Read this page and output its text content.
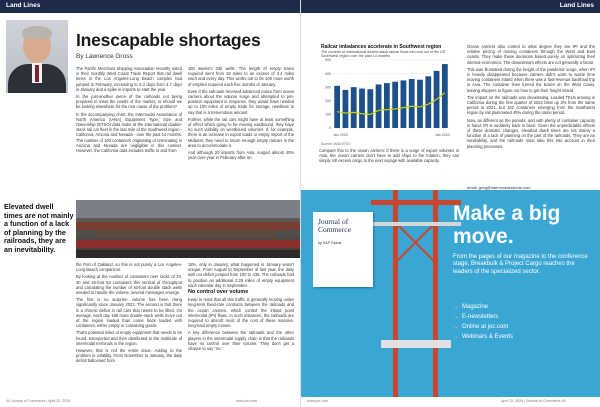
Land Lines
Inescapable shortages
By Lawrence Gross

The Pacific Merchant Shipping Association recently noted in their monthly West Coast Trade Report that rail dwell times in the Los Angeles-Long Beach complex had jumped in February, increasing to 6.3 days from 4.7 days in January and a spike in imports to start the year.

In the just-another piece of the railroads not being prepared to meet the needs of the market, or should we be looking elsewhere for the root cause of the problem?

In the accompanying chart, the Intermodal Association of North America (IANA) Equipment Type, Size and Ownership (ETSO) data looks at the international double-stack rail car fleet in the last mile of the Southwest region - California, Arizona and Nevada - over the past 14 months. The number of 100 containers originating or terminating in Arizona and Nevada are negligible in this context. However, the California data includes traffic to and from

150 weeks's 335 wells. The length of empty trains required went from 18 miles to an excess of 3.4 miles each and every day. This works out to be 100 more worth of empties required each five months of January.

Even if the railroads received advanced notice from ocean carriers about the volume surge and attempted to pre-position equipment in response, they would have needed up to 100 miles of empty trade for storage, needless to say that is a tremendous amount.

Further, while the rail cars might have at least something of effect which going to be moving eastbound, they have no such visibility on westbound volumes. If, for example, there is an increase in export loads or empty import of the Midwest, they need to return enough empty railcars in the area to accommodate it.

And although 20 imports from Asia, surged almost 40% year-over-year in February after an

Elevated dwell times are not mainly a function of a lack of planning by the railroads, they are an inevitability.

the Port of Oakland, so this is not purely a Los Angeles-Long Beach comparison.

By looking at the number of containers over racks of 20, 40 and 45-foot 53 containers this vertical of throughput and calculating the number of 40-foot double stack wells needed to handle the volume, several messages emerge.

The first is no surprise: volume has been rising significantly since January 2023. The second is that there is a chronic deficit in rail cars that needs to be filled. On average, each day 198 more double-stack wells move out of the region loaded than come back loaded with containers, either empty or containing goods.

That's potential miles of empty equipment that needs to be found, transported and then distributed to the multitude of intermodal terminals in the region.

However, that is not the entire issue. Adding to the problem is volatility. From November to January, the daily deficit ballooned from

18%, only in January, what happened in January wasn't unique. From August to September of last year, the daily well car deficit jumped from 100 to 436. The railroads had to position an additional 3.25 miles of empty equipment each calendar day in September.

No control over volume

Keep in mind that all this traffic is generally moving under long-term fixed-rate contracts between the railroads and the ocean carriers, which control the inland point intermodal (IPI) flows. In such instances, the railroads are required to absorb most of the cost of these massive, long-haul empty moves.

A key difference between the railroads and the other players in the intermodal supply chain is that the railroads have no control over their volume. They don't get a chance to say "no."

44 Journal of Commerce | April 22, 2024	www.joc.com
Land Lines
Railcar imbalances accelerate in Southwest region
The number of international double-stack railcar flows into and out of the US Southwest region over the past 14 months
0
100
200
300
400
500
Jan 2023	Jan 2024
Source: IANA ETSO

Compare this to the ocean carriers: if there is a surge of export volumes in Asia, the ocean carriers don't have to add ships to the rotation; they can simply roll excess cargo to the next voyage with available capacity.

Ocean carriers also control to what degree they are IPI and the relative pricing of moving containers through the West and East coasts. They make these decisions based purely on optimizing their internal economics. The downstream effects are not generally a factor.

This was illustrated during the height of the pandemic surge, when IPI is heavily disappeared because carriers didn't want to waste time moving containers inland when there was a fast-revenue backhaul trip in Asia. The container lines turned the boxes on the West Coast, leaving shippers to figure out how to get their freight inland.

The impact on the railroads was devastating. Loaded TEUs arriving in California during the first quarter of 2022 blew up 3% from the same period in 2021, but 182 containers emerging from the Southwest region by rail plummeted 45% during the same period.

Now, as different as the periods, and with plenty of container capacity in hand, IPI is suddenly back in favor. Given the unpredictable effects of these dramatic changes, elevated dwell times are not mainly a function of a lack of planning on the part of the railroads. They are an inevitability, and the railroads must take this into account in their planning processes.

email: greg@intermodalreports.com
Journal of Commerce
by S&P Global
Make a big move.
From the pages of our magazine to the conference stage, Breakbulk & Project Cargo reaches the leaders of the specialized sector.
→ Magazine
→ E-newsletters
→ Online at joc.com
→ Webinars & Events
www.joc.com	April 22, 2024 | Journal of Commerce 45
